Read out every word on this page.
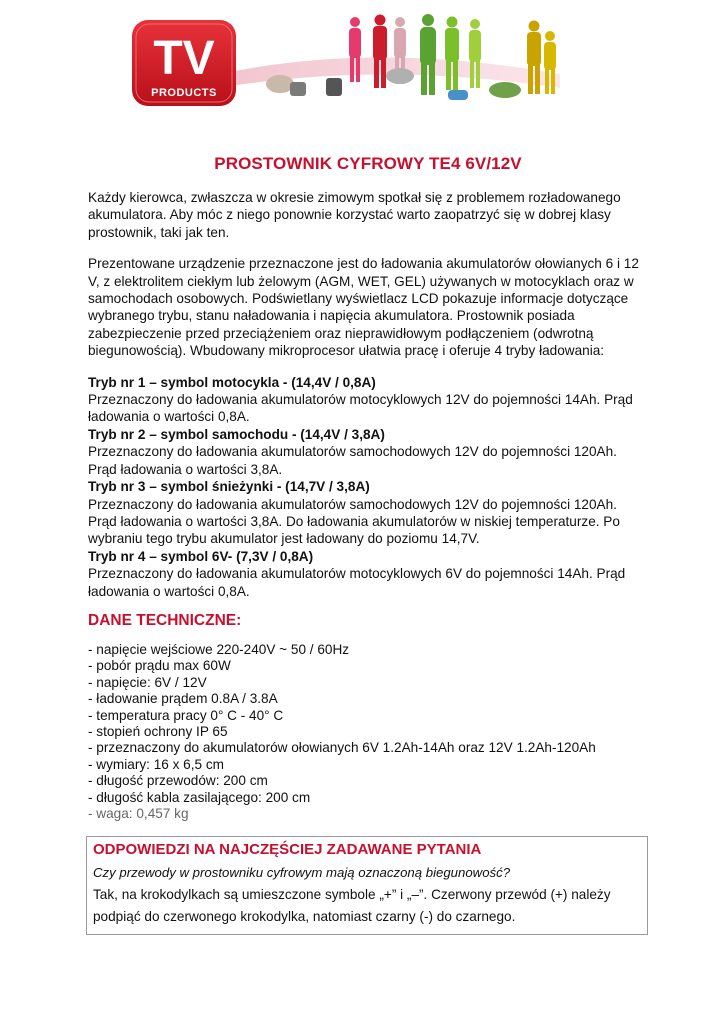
TV
PRODUCTS
PROSTOWNIK CYFROWY TE4 6V/12V

Każdy kierowca, zwłaszcza w okresie zimowym spotkał się z problemem rozładowanego akumulatora. Aby móc z niego ponownie korzystać warto zaopatrzyć się w dobrej klasy prostownik, taki jak ten.

Prezentowane urządzenie przeznaczone jest do ładowania akumulatorów ołowianych 6 i 12 V, z elektrolitem ciekłym lub żelowym (AGM, WET, GEL) używanych w motocyklach oraz w samochodach osobowych. Podświetlany wyświetlacz LCD pokazuje informacje dotyczące wybranego trybu, stanu naładowania i napięcia akumulatora. Prostownik posiada zabezpieczenie przed przeciążeniem oraz nieprawidłowym podłączeniem (odwrotną biegunowością). Wbudowany mikroprocesor ułatwia pracę i oferuje 4 tryby ładowania:

Tryb nr 1 – symbol motocykla - (14,4V / 0,8A)

Przeznaczony do ładowania akumulatorów motocyklowych 12V do pojemności 14Ah. Prąd ładowania o wartości 0,8A.

Tryb nr 2 – symbol samochodu - (14,4V / 3,8A)

Przeznaczony do ładowania akumulatorów samochodowych 12V do pojemności 120Ah. Prąd ładowania o wartości 3,8A.

Tryb nr 3 – symbol śnieżynki - (14,7V / 3,8A)

Przeznaczony do ładowania akumulatorów samochodowych 12V do pojemności 120Ah. Prąd ładowania o wartości 3,8A. Do ładowania akumulatorów w niskiej temperaturze. Po wybraniu tego trybu akumulator jest ładowany do poziomu 14,7V.

Tryb nr 4 – symbol 6V- (7,3V / 0,8A)

Przeznaczony do ładowania akumulatorów motocyklowych 6V do pojemności 14Ah. Prąd ładowania o wartości 0,8A.

DANE TECHNICZNE:
- napięcie wejściowe 220-240V ~ 50 / 60Hz
- pobór prądu max 60W
- napięcie: 6V / 12V
- ładowanie prądem 0.8A / 3.8A
- temperatura pracy 0° C - 40° C
- stopień ochrony IP 65
- przeznaczony do akumulatorów ołowianych 6V 1.2Ah-14Ah oraz 12V 1.2Ah-120Ah
- wymiary: 16 x 6,5 cm
- długość przewodów: 200 cm
- długość kabla zasilającego: 200 cm
- waga: 0,457 kg
ODPOWIEDZI NA NAJCZĘŚCIEJ ZADAWANE PYTANIA
Czy przewody w prostowniku cyfrowym mają oznaczoną biegunowość?
Tak, na krokodylkach są umieszczone symbole „+” i „–”. Czerwony przewód (+) należy podpiąć do czerwonego krokodylka, natomiast czarny (-) do czarnego.
